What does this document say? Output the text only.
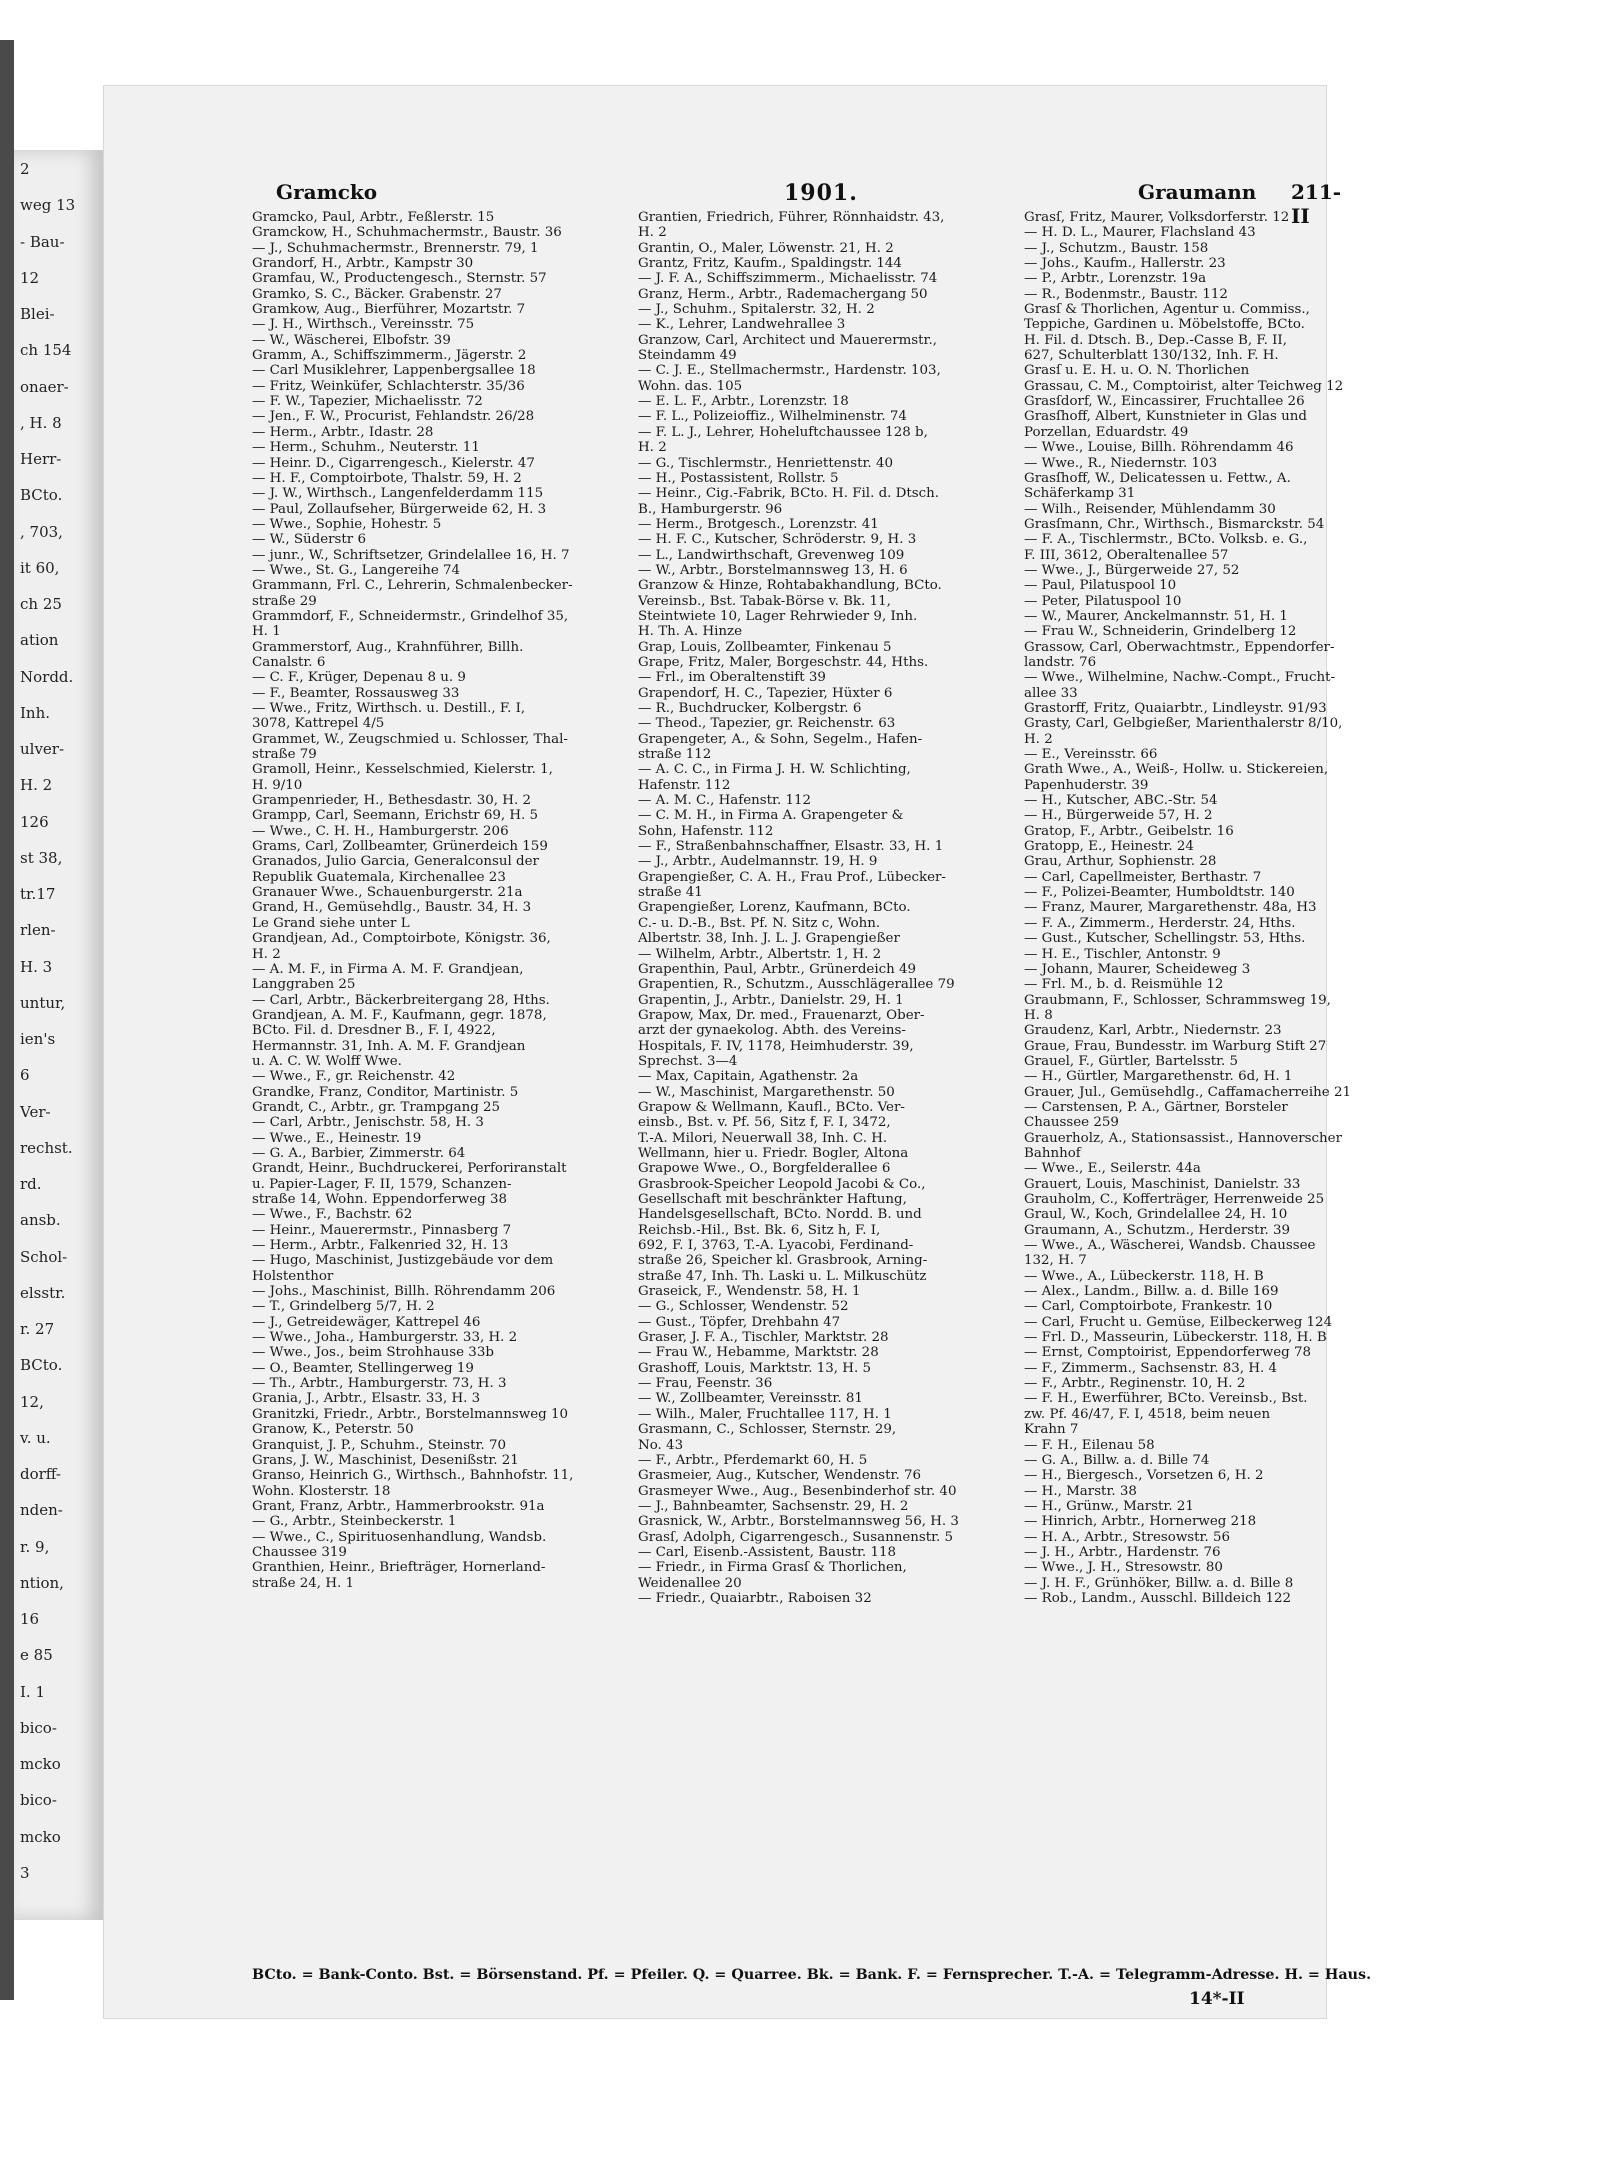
2
weg 13
- Bau-
12
Blei-
ch 154
onaer-
, H. 8
Herr-
BCto.
, 703,
it 60,
ch 25
ation
Nordd.
Inh.
ulver-
H. 2
126
st 38,
tr.17
rlen-
H. 3
untur,
ien's
6
Ver-
rechst.
rd.
ansb.
Schol-
elsstr.
r. 27
BCto.
12,
v. u.
dorff-
nden-
r. 9,
ntion,
16
e 85
I. 1
bico-
mcko
bico-
mcko
3
Gramcko	1901.	Graumann 211-II
Gramcko, Paul, Arbtr., Feßlerstr. 15
Gramckow, H., Schuhmachermstr., Baustr. 36
— J., Schuhmachermstr., Brennerstr. 79, 1
Grandorf, H., Arbtr., Kampstr 30
Gramfau, W., Productengesch., Sternstr. 57
Gramko, S. C., Bäcker. Grabenstr. 27
Gramkow, Aug., Bierführer, Mozartstr. 7
— J. H., Wirthsch., Vereinsstr. 75
— W., Wäscherei, Elbofstr. 39
Gramm, A., Schiffszimmerm., Jägerstr. 2
— Carl Musiklehrer, Lappenbergsallee 18
— Fritz, Weinküfer, Schlachterstr. 35/36
— F. W., Tapezier, Michaelisstr. 72
— Jen., F. W., Procurist, Fehlandstr. 26/28
— Herm., Arbtr., Idastr. 28
— Herm., Schuhm., Neuterstr. 11
— Heinr. D., Cigarrengesch., Kielerstr. 47
— H. F., Comptoirbote, Thalstr. 59, H. 2
— J. W., Wirthsch., Langenfelderdamm 115
— Paul, Zollaufseher, Bürgerweide 62, H. 3
— Wwe., Sophie, Hohestr. 5
— W., Süderstr 6
— junr., W., Schriftsetzer, Grindelallee 16, H. 7
— Wwe., St. G., Langereihe 74
Grammann, Frl. C., Lehrerin, Schmalenbecker-
straße 29
Grammdorf, F., Schneidermstr., Grindelhof 35,
H. 1
Grammerstorf, Aug., Krahnführer, Billh.
Canalstr. 6
— C. F., Krüger, Depenau 8 u. 9
— F., Beamter, Rossausweg 33
— Wwe., Fritz, Wirthsch. u. Destill., F. I,
3078, Kattrepel 4/5
Grammet, W., Zeugschmied u. Schlosser, Thal-
straße 79
Gramoll, Heinr., Kesselschmied, Kielerstr. 1,
H. 9/10
Grampenrieder, H., Bethesdastr. 30, H. 2
Grampp, Carl, Seemann, Erichstr 69, H. 5
— Wwe., C. H. H., Hamburgerstr. 206
Grams, Carl, Zollbeamter, Grünerdeich 159
Granados, Julio Garcia, Generalconsul der
Republik Guatemala, Kirchenallee 23
Granauer Wwe., Schauenburgerstr. 21a
Grand, H., Gemüsehdlg., Baustr. 34, H. 3
Le Grand siehe unter L
Grandjean, Ad., Comptoirbote, Königstr. 36,
H. 2
— A. M. F., in Firma A. M. F. Grandjean,
Langgraben 25
— Carl, Arbtr., Bäckerbreitergang 28, Hths.
Grandjean, A. M. F., Kaufmann, gegr. 1878,
BCto. Fil. d. Dresdner B., F. I, 4922,
Hermannstr. 31, Inh. A. M. F. Grandjean
u. A. C. W. Wolff Wwe.
— Wwe., F., gr. Reichenstr. 42
Grandke, Franz, Conditor, Martinistr. 5
Grandt, C., Arbtr., gr. Trampgang 25
— Carl, Arbtr., Jenischstr. 58, H. 3
— Wwe., E., Heinestr. 19
— G. A., Barbier, Zimmerstr. 64
Grandt, Heinr., Buchdruckerei, Perforiranstalt
u. Papier-Lager, F. II, 1579, Schanzen-
straße 14, Wohn. Eppendorferweg 38
— Wwe., F., Bachstr. 62
— Heinr., Mauerermstr., Pinnasberg 7
— Herm., Arbtr., Falkenried 32, H. 13
— Hugo, Maschinist, Justizgebäude vor dem
Holstenthor
— Johs., Maschinist, Billh. Röhrendamm 206
— T., Grindelberg 5/7, H. 2
— J., Getreidewäger, Kattrepel 46
— Wwe., Joha., Hamburgerstr. 33, H. 2
— Wwe., Jos., beim Strohhause 33b
— O., Beamter, Stellingerweg 19
— Th., Arbtr., Hamburgerstr. 73, H. 3
Grania, J., Arbtr., Elsastr. 33, H. 3
Granitzki, Friedr., Arbtr., Borstelmannsweg 10
Granow, K., Peterstr. 50
Granquist, J. P., Schuhm., Steinstr. 70
Grans, J. W., Maschinist, Desenißstr. 21
Granso, Heinrich G., Wirthsch., Bahnhofstr. 11,
Wohn. Klosterstr. 18
Grant, Franz, Arbtr., Hammerbrookstr. 91a
— G., Arbtr., Steinbeckerstr. 1
— Wwe., C., Spirituosenhandlung, Wandsb.
Chaussee 319
Granthien, Heinr., Briefträger, Hornerland-
straße 24, H. 1
Grantien, Friedrich, Führer, Rönnhaidstr. 43,
H. 2
Grantin, O., Maler, Löwenstr. 21, H. 2
Grantz, Fritz, Kaufm., Spaldingstr. 144
— J. F. A., Schiffszimmerm., Michaelisstr. 74
Granz, Herm., Arbtr., Rademachergang 50
— J., Schuhm., Spitalerstr. 32, H. 2
— K., Lehrer, Landwehrallee 3
Granzow, Carl, Architect und Mauerermstr.,
Steindamm 49
— C. J. E., Stellmachermstr., Hardenstr. 103,
Wohn. das. 105
— E. L. F., Arbtr., Lorenzstr. 18
— F. L., Polizeioffiz., Wilhelminenstr. 74
— F. L. J., Lehrer, Hoheluftchaussee 128 b,
H. 2
— G., Tischlermstr., Henriettenstr. 40
— H., Postassistent, Rollstr. 5
— Heinr., Cig.-Fabrik, BCto. H. Fil. d. Dtsch.
B., Hamburgerstr. 96
— Herm., Brotgesch., Lorenzstr. 41
— H. F. C., Kutscher, Schröderstr. 9, H. 3
— L., Landwirthschaft, Grevenweg 109
— W., Arbtr., Borstelmannsweg 13, H. 6
Granzow & Hinze, Rohtabakhandlung, BCto.
Vereinsb., Bst. Tabak-Börse v. Bk. 11,
Steintwiete 10, Lager Rehrwieder 9, Inh.
H. Th. A. Hinze
Grap, Louis, Zollbeamter, Finkenau 5
Grape, Fritz, Maler, Borgeschstr. 44, Hths.
— Frl., im Oberaltenstift 39
Grapendorf, H. C., Tapezier, Hüxter 6
— R., Buchdrucker, Kolbergstr. 6
— Theod., Tapezier, gr. Reichenstr. 63
Grapengeter, A., & Sohn, Segelm., Hafen-
straße 112
— A. C. C., in Firma J. H. W. Schlichting,
Hafenstr. 112
— A. M. C., Hafenstr. 112
— C. M. H., in Firma A. Grapengeter &
Sohn, Hafenstr. 112
— F., Straßenbahnschaffner, Elsastr. 33, H. 1
— J., Arbtr., Audelmannstr. 19, H. 9
Grapengießer, C. A. H., Frau Prof., Lübecker-
straße 41
Grapengießer, Lorenz, Kaufmann, BCto.
C.- u. D.-B., Bst. Pf. N. Sitz c, Wohn.
Albertstr. 38, Inh. J. L. J. Grapengießer
— Wilhelm, Arbtr., Albertstr. 1, H. 2
Grapenthin, Paul, Arbtr., Grünerdeich 49
Grapentien, R., Schutzm., Ausschlägerallee 79
Grapentin, J., Arbtr., Danielstr. 29, H. 1
Grapow, Max, Dr. med., Frauenarzt, Ober-
arzt der gynaekolog. Abth. des Vereins-
Hospitals, F. IV, 1178, Heimhuderstr. 39,
Sprechst. 3—4
— Max, Capitain, Agathenstr. 2a
— W., Maschinist, Margarethenstr. 50
Grapow & Wellmann, Kaufl., BCto. Ver-
einsb., Bst. v. Pf. 56, Sitz f, F. I, 3472,
T.-A. Milori, Neuerwall 38, Inh. C. H.
Wellmann, hier u. Friedr. Bogler, Altona
Grapowe Wwe., O., Borgfelderallee 6
Grasbrook-Speicher Leopold Jacobi & Co.,
Gesellschaft mit beschränkter Haftung,
Handelsgesellschaft, BCto. Nordd. B. und
Reichsb.-Hil., Bst. Bk. 6, Sitz h, F. I,
692, F. I, 3763, T.-A. Lyacobi, Ferdinand-
straße 26, Speicher kl. Grasbrook, Arning-
straße 47, Inh. Th. Laski u. L. Milkuschütz
Graseick, F., Wendenstr. 58, H. 1
— G., Schlosser, Wendenstr. 52
— Gust., Töpfer, Drehbahn 47
Graser, J. F. A., Tischler, Marktstr. 28
— Frau W., Hebamme, Marktstr. 28
Grashoff, Louis, Marktstr. 13, H. 5
— Frau, Feenstr. 36
— W., Zollbeamter, Vereinsstr. 81
— Wilh., Maler, Fruchtallee 117, H. 1
Grasmann, C., Schlosser, Sternstr. 29,
No. 43
— F., Arbtr., Pferdemarkt 60, H. 5
Grasmeier, Aug., Kutscher, Wendenstr. 76
Grasmeyer Wwe., Aug., Besenbinderhof str. 40
— J., Bahnbeamter, Sachsenstr. 29, H. 2
Grasnick, W., Arbtr., Borstelmannsweg 56, H. 3
Grasſ, Adolph, Cigarrengesch., Susannenstr. 5
— Carl, Eisenb.-Assistent, Baustr. 118
— Friedr., in Firma Grasſ & Thorlichen,
Weidenallee 20
— Friedr., Quaiarbtr., Raboisen 32
Grasſ, Fritz, Maurer, Volksdorferstr. 12
— H. D. L., Maurer, Flachsland 43
— J., Schutzm., Baustr. 158
— Johs., Kaufm., Hallerstr. 23
— P., Arbtr., Lorenzstr. 19a
— R., Bodenmstr., Baustr. 112
Grasſ & Thorlichen, Agentur u. Commiss.,
Teppiche, Gardinen u. Möbelstoffe, BCto.
H. Fil. d. Dtsch. B., Dep.-Casse B, F. II,
627, Schulterblatt 130/132, Inh. F. H.
Grasſ u. E. H. u. O. N. Thorlichen
Grassau, C. M., Comptoirist, alter Teichweg 12
Grasſdorf, W., Eincassirer, Fruchtallee 26
Grasſhoff, Albert, Kunstnieter in Glas und
Porzellan, Eduardstr. 49
— Wwe., Louise, Billh. Röhrendamm 46
— Wwe., R., Niedernstr. 103
Grasſhoff, W., Delicatessen u. Fettw., A.
Schäferkamp 31
— Wilh., Reisender, Mühlendamm 30
Grasſmann, Chr., Wirthsch., Bismarckstr. 54
— F. A., Tischlermstr., BCto. Volksb. e. G.,
F. III, 3612, Oberaltenallee 57
— Wwe., J., Bürgerweide 27, 52
— Paul, Pilatuspool 10
— Peter, Pilatuspool 10
— W., Maurer, Anckelmannstr. 51, H. 1
— Frau W., Schneiderin, Grindelberg 12
Grassow, Carl, Oberwachtmstr., Eppendorfer-
landstr. 76
— Wwe., Wilhelmine, Nachw.-Compt., Frucht-
allee 33
Grastorff, Fritz, Quaiarbtr., Lindleystr. 91/93
Grasty, Carl, Gelbgießer, Marienthalerstr 8/10,
H. 2
— E., Vereinsstr. 66
Grath Wwe., A., Weiß-, Hollw. u. Stickereien,
Papenhuderstr. 39
— H., Kutscher, ABC.-Str. 54
— H., Bürgerweide 57, H. 2
Gratop, F., Arbtr., Geibelstr. 16
Gratopp, E., Heinestr. 24
Grau, Arthur, Sophienstr. 28
— Carl, Capellmeister, Berthastr. 7
— F., Polizei-Beamter, Humboldtstr. 140
— Franz, Maurer, Margarethenstr. 48a, H3
— F. A., Zimmerm., Herderstr. 24, Hths.
— Gust., Kutscher, Schellingstr. 53, Hths.
— H. E., Tischler, Antonstr. 9
— Johann, Maurer, Scheideweg 3
— Frl. M., b. d. Reismühle 12
Graubmann, F., Schlosser, Schrammsweg 19,
H. 8
Graudenz, Karl, Arbtr., Niedernstr. 23
Graue, Frau, Bundesstr. im Warburg Stift 27
Grauel, F., Gürtler, Bartelsstr. 5
— H., Gürtler, Margarethenstr. 6d, H. 1
Grauer, Jul., Gemüsehdlg., Caffamacherreihe 21
— Carstensen, P. A., Gärtner, Borsteler
Chaussee 259
Grauerholz, A., Stationsassist., Hannoverscher
Bahnhof
— Wwe., E., Seilerstr. 44a
Grauert, Louis, Maschinist, Danielstr. 33
Grauholm, C., Kofferträger, Herrenweide 25
Graul, W., Koch, Grindelallee 24, H. 10
Graumann, A., Schutzm., Herderstr. 39
— Wwe., A., Wäscherei, Wandsb. Chaussee
132, H. 7
— Wwe., A., Lübeckerstr. 118, H. B
— Alex., Landm., Billw. a. d. Bille 169
— Carl, Comptoirbote, Frankestr. 10
— Carl, Frucht u. Gemüse, Eilbeckerweg 124
— Frl. D., Masseurin, Lübeckerstr. 118, H. B
— Ernst, Comptoirist, Eppendorferweg 78
— F., Zimmerm., Sachsenstr. 83, H. 4
— F., Arbtr., Reginenstr. 10, H. 2
— F. H., Ewerführer, BCto. Vereinsb., Bst.
zw. Pf. 46/47, F. I, 4518, beim neuen
Krahn 7
— F. H., Eilenau 58
— G. A., Billw. a. d. Bille 74
— H., Biergesch., Vorsetzen 6, H. 2
— H., Marstr. 38
— H., Grünw., Marstr. 21
— Hinrich, Arbtr., Hornerweg 218
— H. A., Arbtr., Stresowstr. 56
— J. H., Arbtr., Hardenstr. 76
— Wwe., J. H., Stresowstr. 80
— J. H. F., Grünhöker, Billw. a. d. Bille 8
— Rob., Landm., Ausschl. Billdeich 122
BCto. = Bank-Conto. Bst. = Börsenstand. Pf. = Pfeiler. Q. = Quarree. Bk. = Bank. F. = Fernsprecher. T.-A. = Telegramm-Adresse. H. = Haus.
14*-II
